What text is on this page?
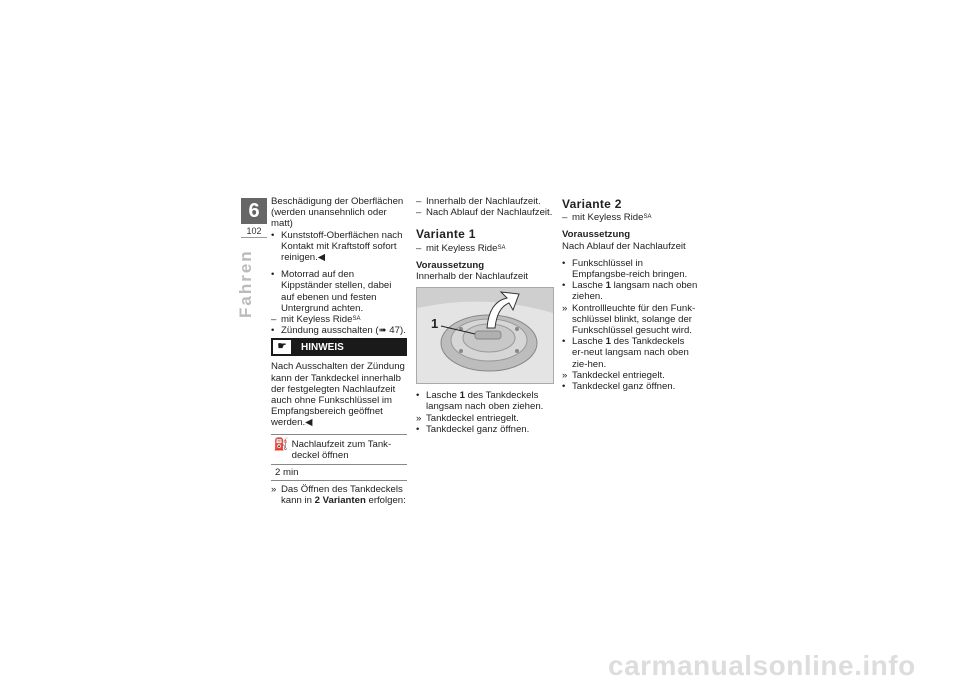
6
102
Fahren

Beschädigung der Oberflächen (werden unansehnlich oder matt)

• Kunststoff-Oberflächen nach Kontakt mit Kraftstoff sofort reinigen.◀
• Motorrad auf den Kippständer stellen, dabei auf ebenen und festen Untergrund achten.
– mit Keyless Ride$^{SA}$
• Zündung ausschalten (➠ 47).
☛	HINWEIS

Nach Ausschalten der Zündung kann der Tankdeckel innerhalb der festgelegten Nachlaufzeit auch ohne Funkschlüssel im Empfangsbereich geöffnet werden.◀

⛽ Nachlaufzeit zum Tank-deckel öffnen
2 min
» Das Öffnen des Tankdeckels kann in 2 Varianten erfolgen:
– Innerhalb der Nachlaufzeit.
– Nach Ablauf der Nachlaufzeit.
Variante 1
– mit Keyless Ride$^{SA}$

Voraussetzung

Innerhalb der Nachlaufzeit

1
• Lasche 1 des Tankdeckels langsam nach oben ziehen.
» Tankdeckel entriegelt.
• Tankdeckel ganz öffnen.
Variante 2
– mit Keyless Ride$^{SA}$

Voraussetzung

Nach Ablauf der Nachlaufzeit

• Funkschlüssel in Empfangsbe-reich bringen.
• Lasche 1 langsam nach oben ziehen.
» Kontrollleuchte für den Funk-schlüssel blinkt, solange der Funkschlüssel gesucht wird.
• Lasche 1 des Tankdeckels er-neut langsam nach oben zie-hen.
» Tankdeckel entriegelt.
• Tankdeckel ganz öffnen.
carmanualsonline.info
